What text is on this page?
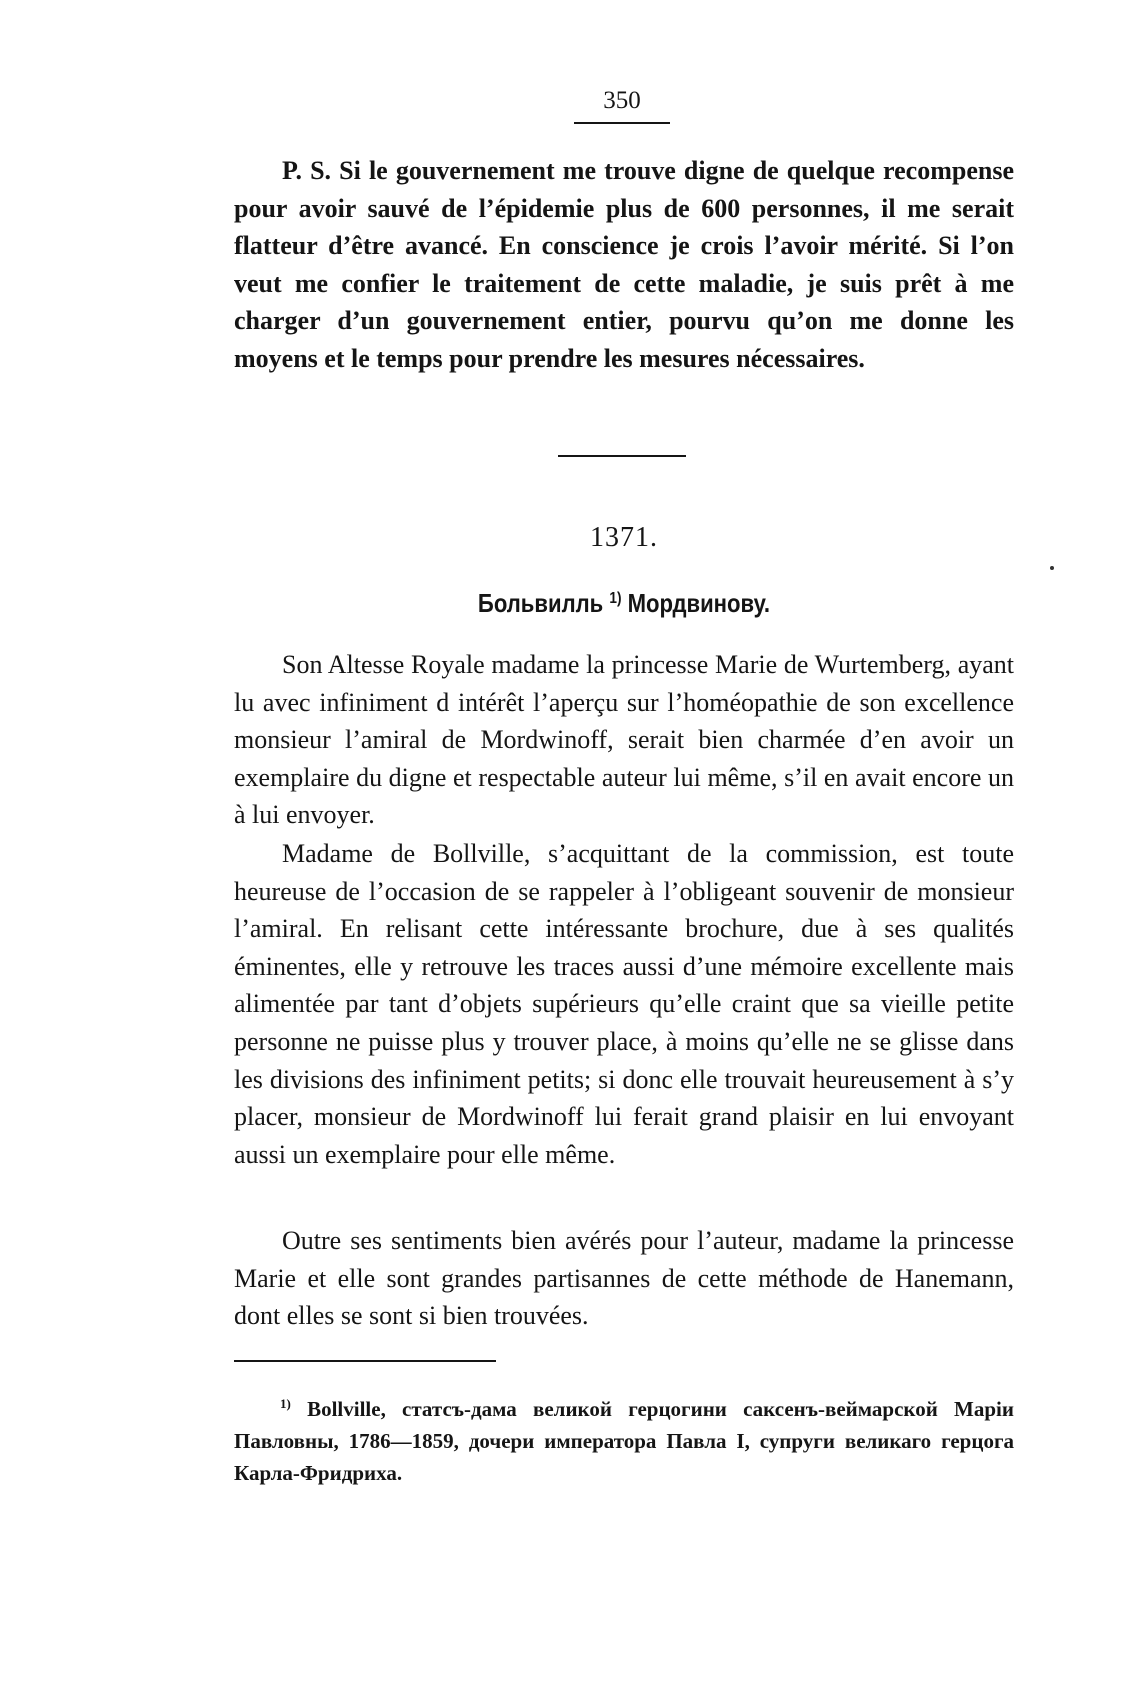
350

P. S. Si le gouvernement me trouve digne de quelque recompense pour avoir sauvé de l’épidemie plus de 600 personnes, il me serait flatteur d’être avancé. En conscience je crois l’avoir mérité. Si l’on veut me confier le traitement de cette maladie, je suis prêt à me charger d’un gouvernement entier, pourvu qu’on me donne les moyens et le temps pour prendre les mesures nécessaires.

1371.
Больвилль $^{1)}$ Мордвинову.

Son Altesse Royale madame la princesse Marie de Wurtemberg, ayant lu avec infiniment d intérêt l’aperçu sur l’homéopathie de son excellence monsieur l’amiral de Mordwinoff, serait bien charmée d’en avoir un exemplaire du digne et respectable auteur lui même, s’il en avait encore un à lui envoyer.

Madame de Bollville, s’acquittant de la commission, est toute heureuse de l’occasion de se rappeler à l’obligeant souvenir de monsieur l’amiral. En relisant cette intéressante brochure, due à ses qualités éminentes, elle y retrouve les traces aussi d’une mémoire excellente mais alimentée par tant d’objets supérieurs qu’elle craint que sa vieille petite personne ne puisse plus y trouver place, à moins qu’elle ne se glisse dans les divisions des infiniment petits; si donc elle trouvait heureusement à s’y placer, monsieur de Mordwinoff lui ferait grand plaisir en lui envoyant aussi un exemplaire pour elle même.

Outre ses sentiments bien avérés pour l’auteur, madame la princesse Marie et elle sont grandes partisannes de cette méthode de Hanemann, dont elles se sont si bien trouvées.

$^{1)}$ Bollville, статсъ-дама великой герцогини саксенъ-веймарской Марiи Павловны, 1786—1859, дочери императора Павла I, супруги великаго герцога Карла-Фридриха.
